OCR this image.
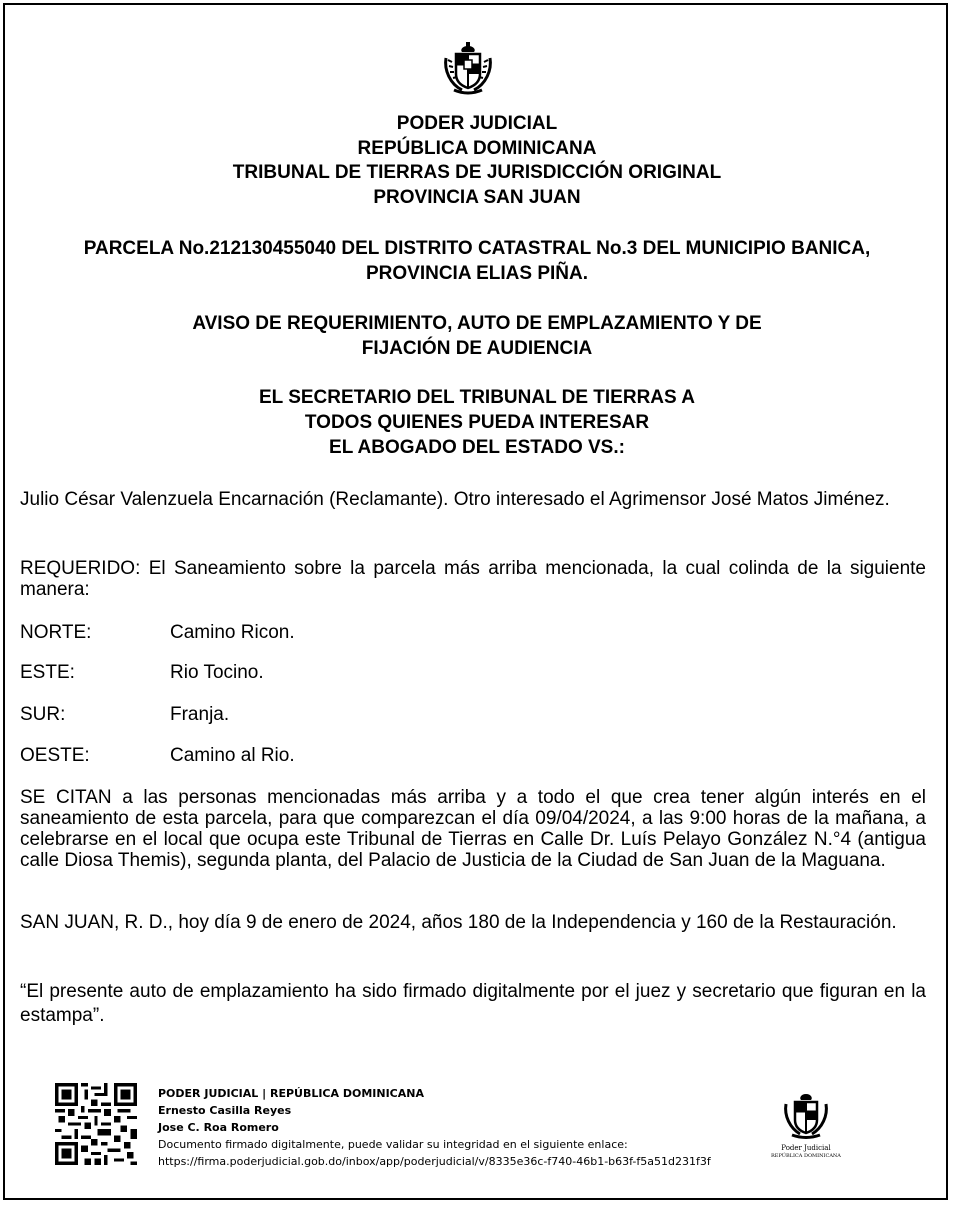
PODER JUDICIAL
REPÚBLICA DOMINICANA
TRIBUNAL DE TIERRAS DE JURISDICCIÓN ORIGINAL
PROVINCIA SAN JUAN
PARCELA No.212130455040 DEL DISTRITO CATASTRAL No.3 DEL MUNICIPIO BANICA,
PROVINCIA ELIAS PIÑA.
AVISO DE REQUERIMIENTO, AUTO DE EMPLAZAMIENTO Y DE
FIJACIÓN DE AUDIENCIA
EL SECRETARIO DEL TRIBUNAL DE TIERRAS A
TODOS QUIENES PUEDA INTERESAR
EL ABOGADO DEL ESTADO VS.:
Julio César Valenzuela Encarnación (Reclamante). Otro interesado el Agrimensor José Matos Jiménez.
REQUERIDO: El Saneamiento sobre la parcela más arriba mencionada, la cual colinda de la siguiente manera:
NORTE:	Camino Ricon.
ESTE:	Rio Tocino.
SUR:	Franja.
OESTE:	Camino al Rio.
SE CITAN a las personas mencionadas más arriba y a todo el que crea tener algún interés en el saneamiento de esta parcela, para que comparezcan el día 09/04/2024, a las 9:00 horas de la mañana, a celebrarse en el local que ocupa este Tribunal de Tierras en Calle Dr. Luís Pelayo González N.°4 (antigua calle Diosa Themis), segunda planta, del Palacio de Justicia de la Ciudad de San Juan de la Maguana.
SAN JUAN, R. D., hoy día 9 de enero de 2024, años 180 de la Independencia y 160 de la Restauración.
“El presente auto de emplazamiento ha sido firmado digitalmente por el juez y secretario que figuran en la estampa”.
PODER JUDICIAL | REPÚBLICA DOMINICANA
Ernesto Casilla Reyes
Jose C. Roa Romero
Documento firmado digitalmente, puede validar su integridad en el siguiente enlace:
https://firma.poderjudicial.gob.do/inbox/app/poderjudicial/v/8335e36c-f740-46b1-b63f-f5a51d231f3f
Poder Judicial
REPÚBLICA DOMINICANA
